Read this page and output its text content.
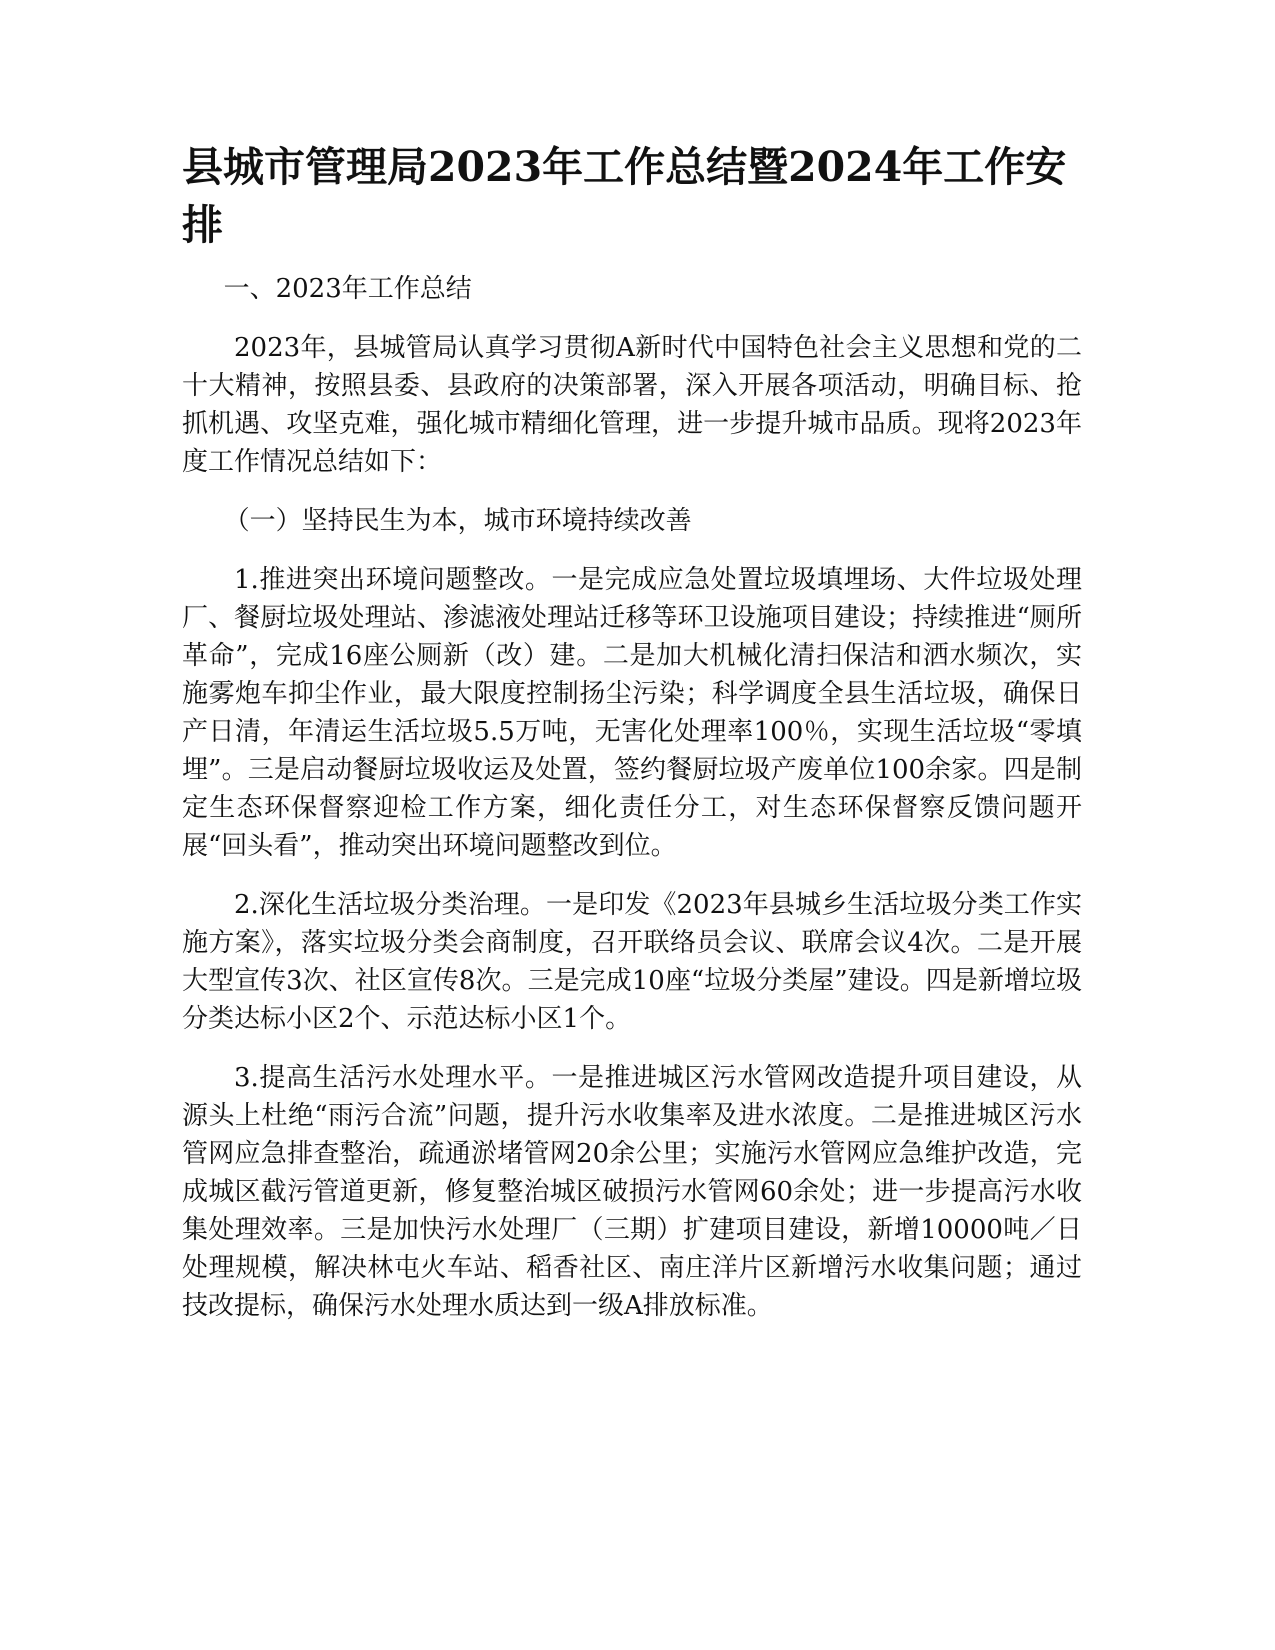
县城市管理局2023年工作总结暨2024年工作安排

一、2023年工作总结

2023年，县城管局认真学习贯彻A新时代中国特色社会主义思想和党的二十大精神，按照县委、县政府的决策部署，深入开展各项活动，明确目标、抢抓机遇、攻坚克难，强化城市精细化管理，进一步提升城市品质。现将2023年度工作情况总结如下：

（一）坚持民生为本，城市环境持续改善

1.推进突出环境问题整改。一是完成应急处置垃圾填埋场、大件垃圾处理厂、餐厨垃圾处理站、渗滤液处理站迁移等环卫设施项目建设；持续推进“厕所革命”，完成16座公厕新（改）建。二是加大机械化清扫保洁和洒水频次，实施雾炮车抑尘作业，最大限度控制扬尘污染；科学调度全县生活垃圾，确保日产日清，年清运生活垃圾5.5万吨，无害化处理率100％，实现生活垃圾“零填埋”。三是启动餐厨垃圾收运及处置，签约餐厨垃圾产废单位100余家。四是制定生态环保督察迎检工作方案，细化责任分工，对生态环保督察反馈问题开展“回头看”，推动突出环境问题整改到位。

2.深化生活垃圾分类治理。一是印发《2023年县城乡生活垃圾分类工作实施方案》，落实垃圾分类会商制度，召开联络员会议、联席会议4次。二是开展大型宣传3次、社区宣传8次。三是完成10座“垃圾分类屋”建设。四是新增垃圾分类达标小区2个、示范达标小区1个。

3.提高生活污水处理水平。一是推进城区污水管网改造提升项目建设，从源头上杜绝“雨污合流”问题，提升污水收集率及进水浓度。二是推进城区污水管网应急排查整治，疏通淤堵管网20余公里；实施污水管网应急维护改造，完成城区截污管道更新，修复整治城区破损污水管网60余处；进一步提高污水收集处理效率。三是加快污水处理厂（三期）扩建项目建设，新增10000吨／日处理规模，解决林屯火车站、稻香社区、南庄洋片区新增污水收集问题；通过技改提标，确保污水处理水质达到一级A排放标准。
